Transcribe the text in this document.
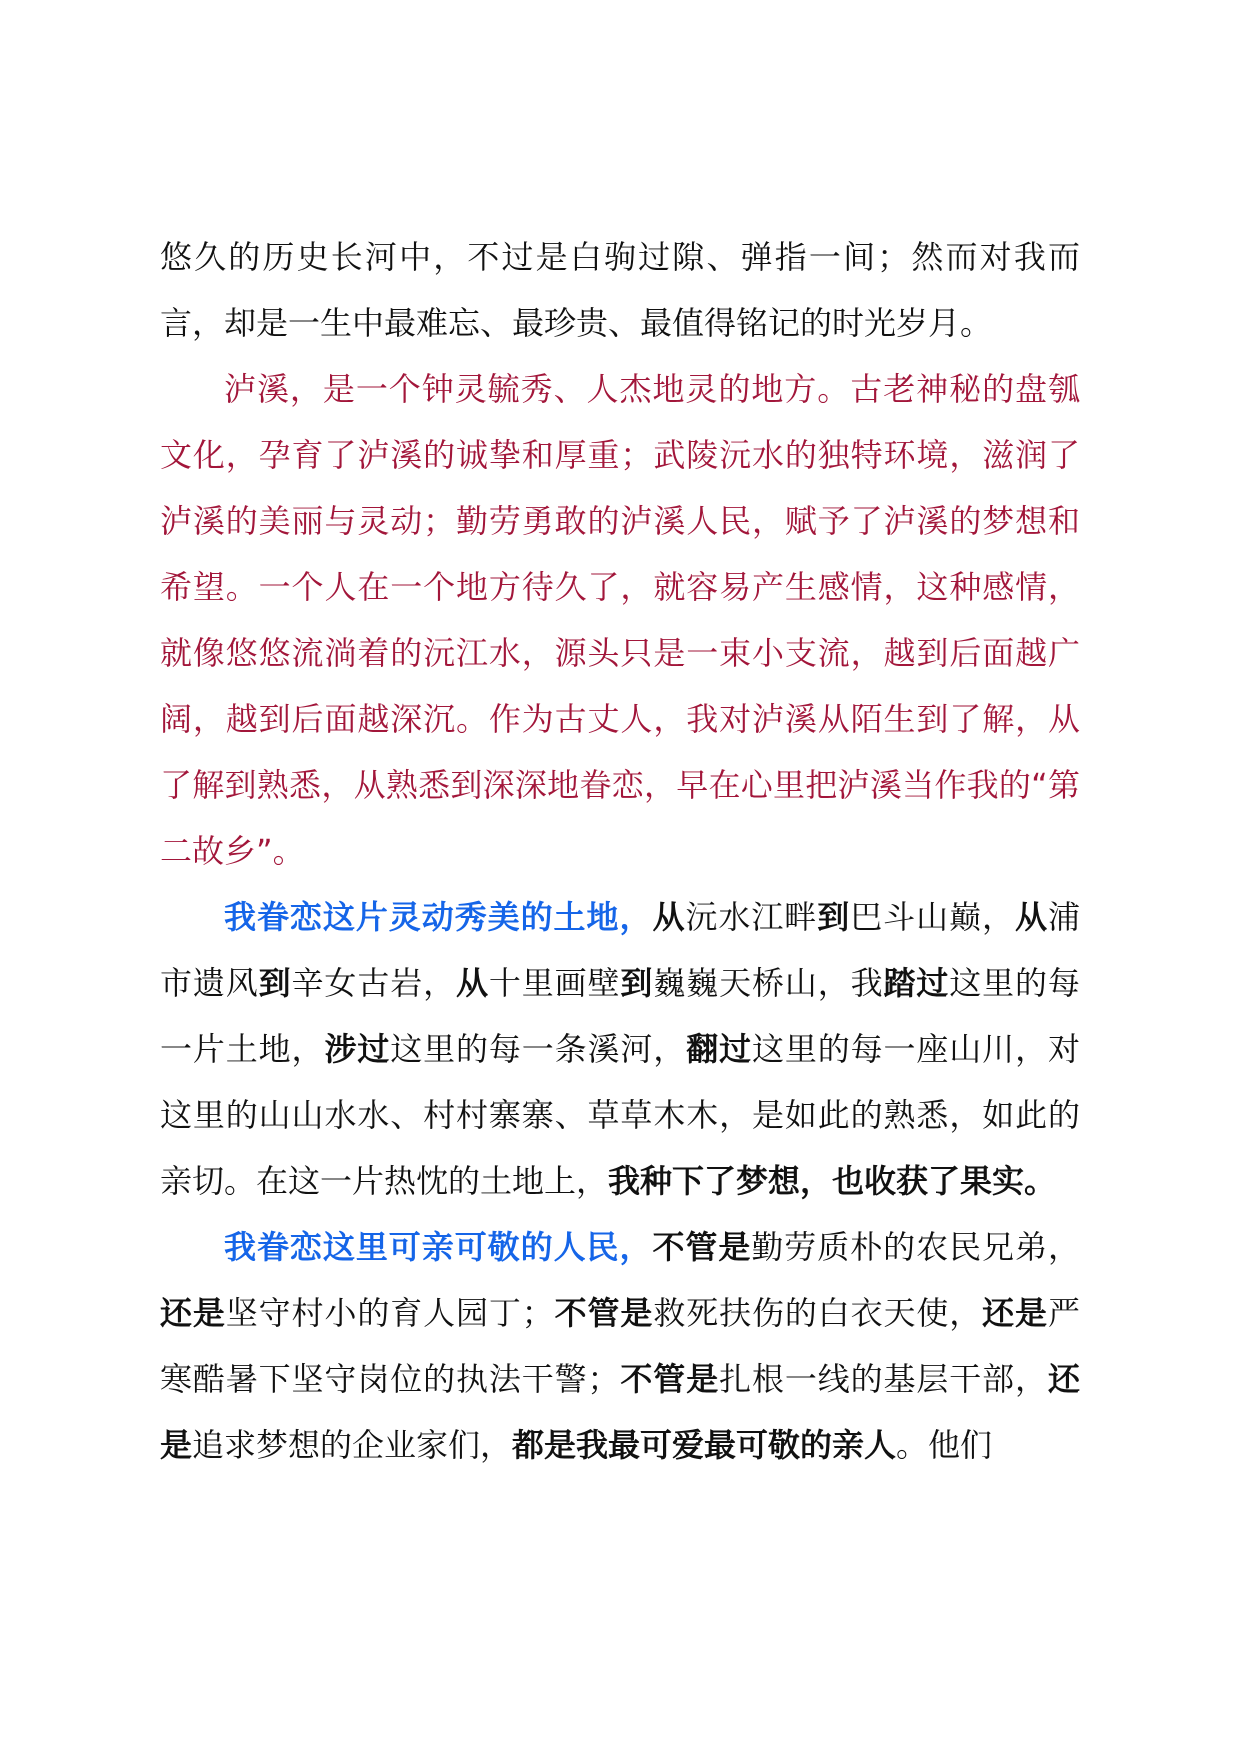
悠久的历史长河中，不过是白驹过隙、弹指一间；然而对我而言，却是一生中最难忘、最珍贵、最值得铭记的时光岁月。

泸溪，是一个钟灵毓秀、人杰地灵的地方。古老神秘的盘瓠文化，孕育了泸溪的诚挚和厚重；武陵沅水的独特环境，滋润了泸溪的美丽与灵动；勤劳勇敢的泸溪人民，赋予了泸溪的梦想和希望。一个人在一个地方待久了，就容易产生感情，这种感情，就像悠悠流淌着的沅江水，源头只是一束小支流，越到后面越广阔，越到后面越深沉。作为古丈人，我对泸溪从陌生到了解，从了解到熟悉，从熟悉到深深地眷恋，早在心里把泸溪当作我的“第二故乡”。

我眷恋这片灵动秀美的土地，从沅水江畔到巴斗山巅，从浦市遗风到辛女古岩，从十里画壁到巍巍天桥山，我踏过这里的每一片土地，涉过这里的每一条溪河，翻过这里的每一座山川，对这里的山山水水、村村寨寨、草草木木，是如此的熟悉，如此的亲切。在这一片热忱的土地上，我种下了梦想，也收获了果实。

我眷恋这里可亲可敬的人民，不管是勤劳质朴的农民兄弟，还是坚守村小的育人园丁；不管是救死扶伤的白衣天使，还是严寒酷暑下坚守岗位的执法干警；不管是扎根一线的基层干部，还是追求梦想的企业家们，都是我最可爱最可敬的亲人。他们
